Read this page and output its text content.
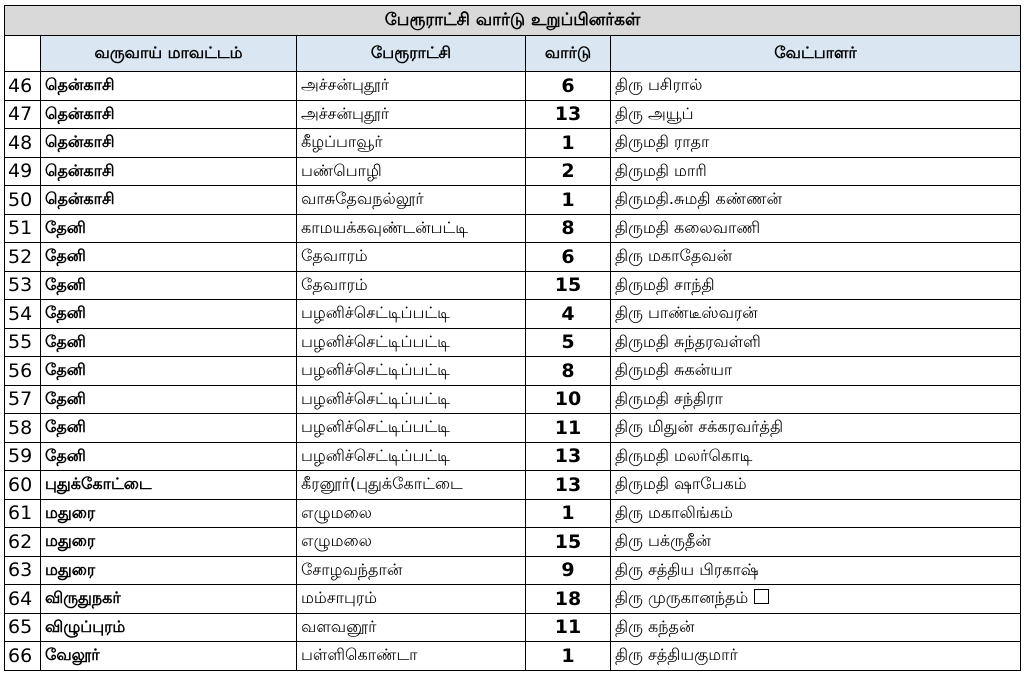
பேரூராட்சி வார்டு உறுப்பினர்கள்				
	வருவாய் மாவட்டம்	பேரூராட்சி	வார்டு	வேட்பாளர்
46	தென்காசி	அச்சன்புதூர்	6	திரு பசிரால்
47	தென்காசி	அச்சன்புதூர்	13	திரு அயூப்
48	தென்காசி	கீழப்பாவூர்	1	திருமதி ராதா
49	தென்காசி	பண்பொழி	2	திருமதி மாரி
50	தென்காசி	வாசுதேவநல்லூர்	1	திருமதி.சுமதி கண்ணன்
51	தேனி	காமயக்கவுண்டன்பட்டி	8	திருமதி கலைவாணி
52	தேனி	தேவாரம்	6	திரு மகாதேவன்
53	தேனி	தேவாரம்	15	திருமதி சாந்தி
54	தேனி	பழனிச்செட்டிப்பட்டி	4	திரு பாண்டீஸ்வரன்
55	தேனி	பழனிச்செட்டிப்பட்டி	5	திருமதி சுந்தரவள்ளி
56	தேனி	பழனிச்செட்டிப்பட்டி	8	திருமதி சுகன்யா
57	தேனி	பழனிச்செட்டிப்பட்டி	10	திருமதி சந்திரா
58	தேனி	பழனிச்செட்டிப்பட்டி	11	திரு மிதுன் சக்கரவர்த்தி
59	தேனி	பழனிச்செட்டிப்பட்டி	13	திருமதி மலர்கொடி
60	புதுக்கோட்டை	கீரனூர்(புதுக்கோட்டை	13	திருமதி ஷாபேகம்
61	மதுரை	எழுமலை	1	திரு மகாலிங்கம்
62	மதுரை	எழுமலை	15	திரு பக்ருதீன்
63	மதுரை	சோழவந்தான்	9	திரு சத்திய பிரகாஷ்
64	விருதுநகர்	மம்சாபுரம்	18	திரு முருகானந்தம்
65	விழுப்புரம்	வளவனூர்	11	திரு கந்தன்
66	வேலூர்	பள்ளிகொண்டா	1	திரு சத்தியகுமார்
